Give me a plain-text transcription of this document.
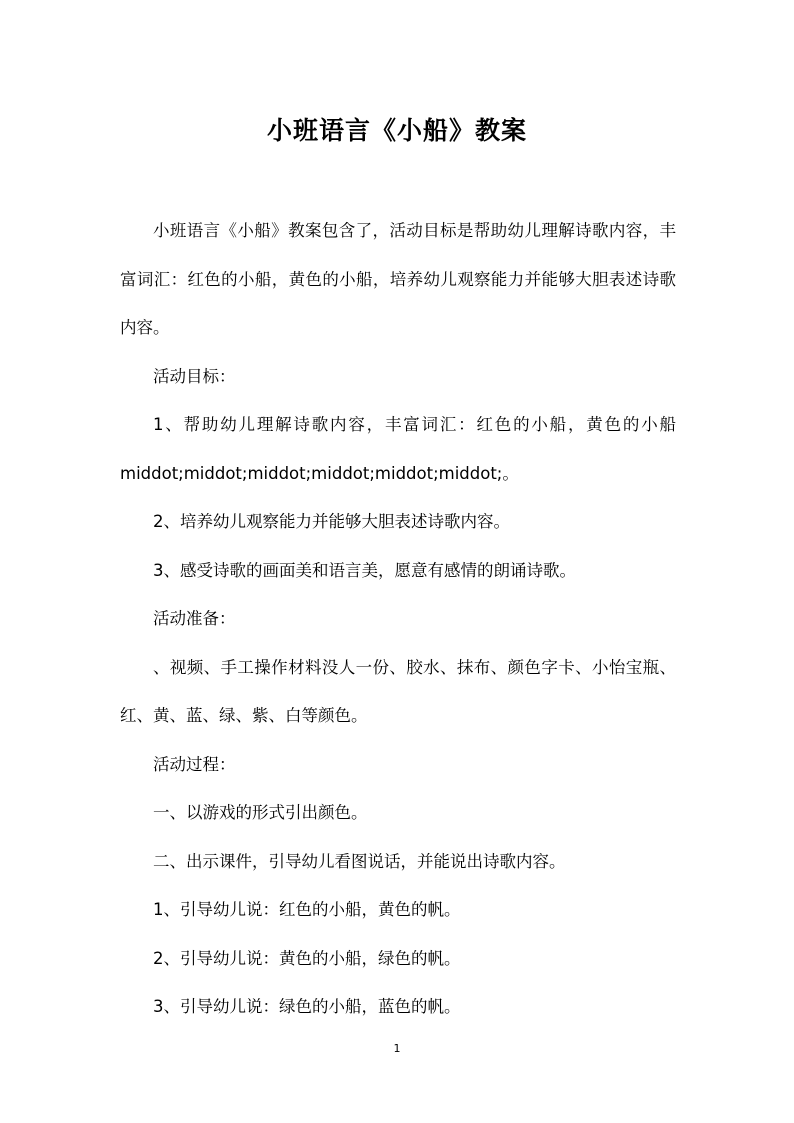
小班语言《小船》教案

小班语言《小船》教案包含了，活动目标是帮助幼儿理解诗歌内容，丰富词汇：红色的小船，黄色的小船，培养幼儿观察能力并能够大胆表述诗歌内容。

活动目标：

1、帮助幼儿理解诗歌内容，丰富词汇：红色的小船，黄色的小船middot;middot;middot;middot;middot;middot;。

2、培养幼儿观察能力并能够大胆表述诗歌内容。

3、感受诗歌的画面美和语言美，愿意有感情的朗诵诗歌。

活动准备：

、视频、手工操作材料没人一份、胶水、抹布、颜色字卡、小怡宝瓶、红、黄、蓝、绿、紫、白等颜色。

活动过程：

一、以游戏的形式引出颜色。

二、出示课件，引导幼儿看图说话，并能说出诗歌内容。

1、引导幼儿说：红色的小船，黄色的帆。

2、引导幼儿说：黄色的小船，绿色的帆。

3、引导幼儿说：绿色的小船，蓝色的帆。

1
